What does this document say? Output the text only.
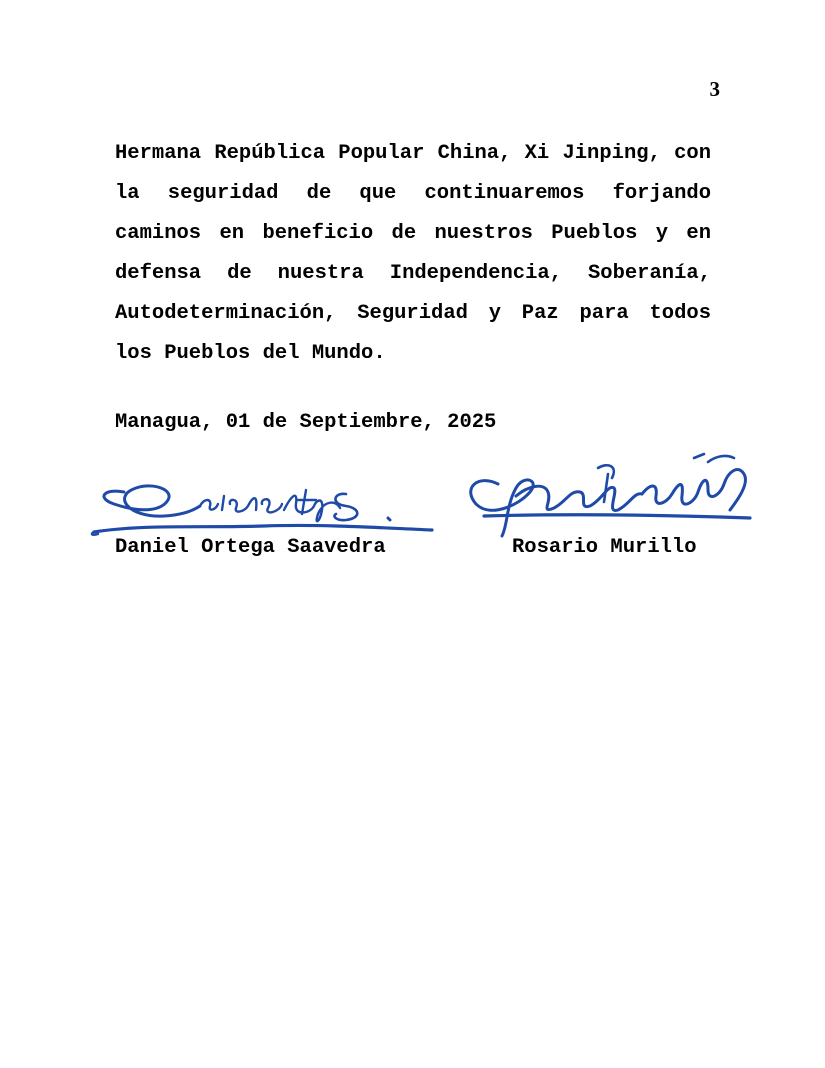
3

Hermana República Popular China, Xi Jinping, con la seguridad de que continuaremos forjando caminos en beneficio de nuestros Pueblos y en defensa de nuestra Independencia, Soberanía, Autodeterminación, Seguridad y Paz para todos los Pueblos del Mundo.

Managua, 01 de Septiembre, 2025
Daniel Ortega Saavedra	Rosario Murillo
